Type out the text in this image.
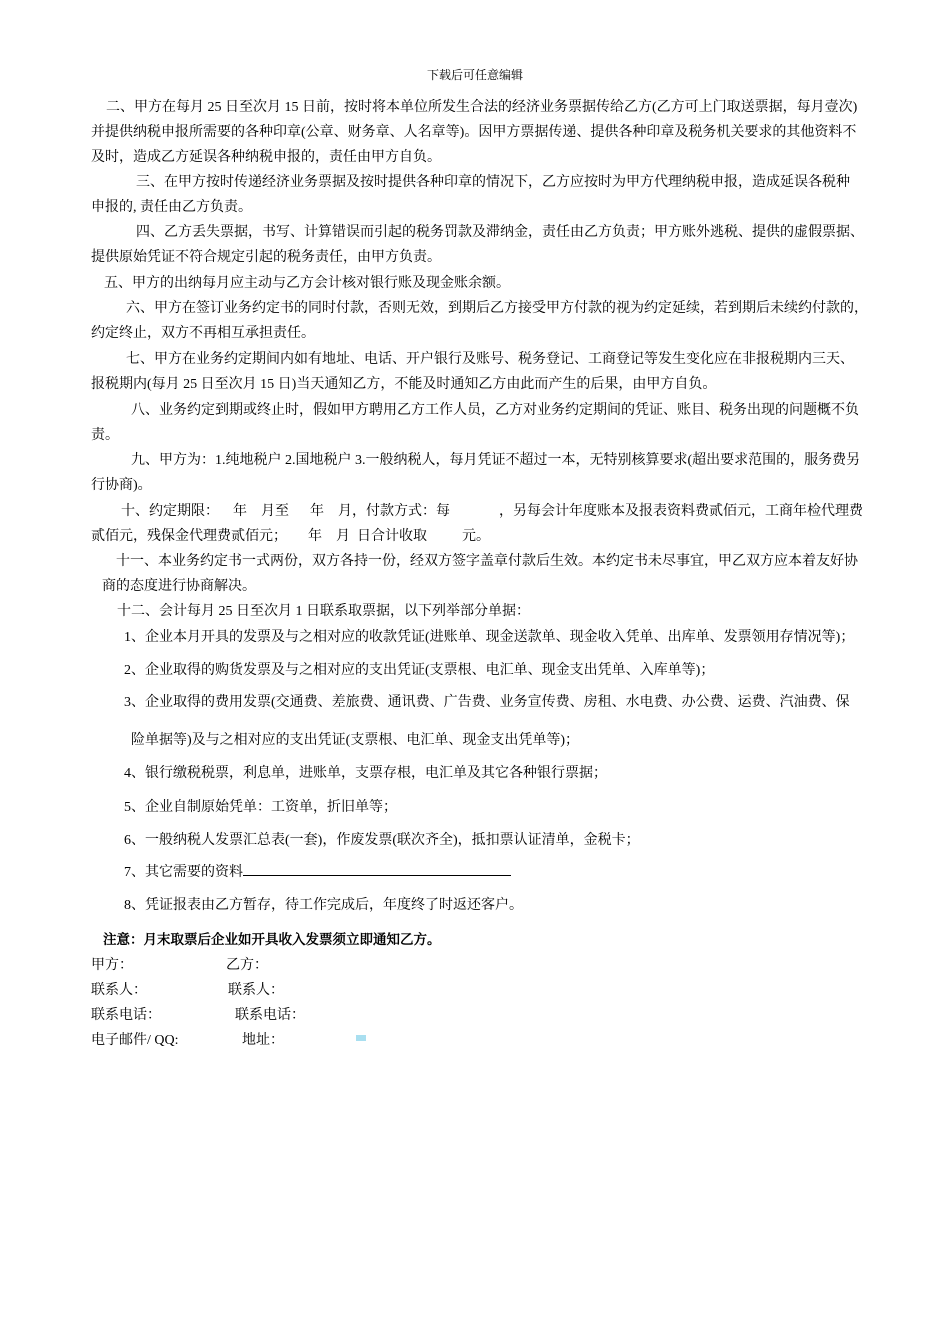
下载后可任意编辑
二、甲方在每月 25 日至次月 15 日前，按时将本单位所发生合法的经济业务票据传给乙方(乙方可上门取送票据，每月壹次)
并提供纳税申报所需要的各种印章(公章、财务章、人名章等)。因甲方票据传递、提供各种印章及税务机关要求的其他资料不
及时，造成乙方延误各种纳税申报的，责任由甲方自负。
三、在甲方按时传递经济业务票据及按时提供各种印章的情况下，乙方应按时为甲方代理纳税申报，造成延误各税种
申报的, 责任由乙方负责。
四、乙方丢失票据，书写、计算错误而引起的税务罚款及滞纳金，责任由乙方负责；甲方账外逃税、提供的虚假票据、
提供原始凭证不符合规定引起的税务责任，由甲方负责。
五、甲方的出纳每月应主动与乙方会计核对银行账及现金账余额。
六、甲方在签订业务约定书的同时付款，否则无效，到期后乙方接受甲方付款的视为约定延续，若到期后未续约付款的，
约定终止，双方不再相互承担责任。
七、甲方在业务约定期间内如有地址、电话、开户银行及账号、税务登记、工商登记等发生变化应在非报税期内三天、
报税期内(每月 25 日至次月 15 日)当天通知乙方，不能及时通知乙方由此而产生的后果，由甲方自负。
八、业务约定到期或终止时，假如甲方聘用乙方工作人员，乙方对业务约定期间的凭证、账目、税务出现的问题概不负
责。
九、甲方为：1.纯地税户 2.国地税户 3.一般纳税人，每月凭证不超过一本，无特别核算要求(超出要求范围的，服务费另
行协商)。
十、约定期限：    年    月至      年    月，付款方式：每              ，另每会计年度账本及报表资料费贰佰元，工商年检代理费
贰佰元，残保金代理费贰佰元；      年    月  日合计收取          元。
十一、本业务约定书一式两份，双方各持一份，经双方签字盖章付款后生效。本约定书未尽事宜，甲乙双方应本着友好协
商的态度进行协商解决。
十二、会计每月 25 日至次月 1 日联系取票据，以下列举部分单据：
1、企业本月开具的发票及与之相对应的收款凭证(进账单、现金送款单、现金收入凭单、出库单、发票领用存情况等)；
2、企业取得的购货发票及与之相对应的支出凭证(支票根、电汇单、现金支出凭单、入库单等)；
3、企业取得的费用发票(交通费、差旅费、通讯费、广告费、业务宣传费、房租、水电费、办公费、运费、汽油费、保
险单据等)及与之相对应的支出凭证(支票根、电汇单、现金支出凭单等)；
4、银行缴税税票，利息单，进账单，支票存根，电汇单及其它各种银行票据；
5、企业自制原始凭单：工资单，折旧单等；
6、一般纳税人发票汇总表(一套)，作废发票(联次齐全)，抵扣票认证清单，金税卡；
7、其它需要的资料
8、凭证报表由乙方暂存，待工作完成后，年度终了时返还客户。
注意：月末取票后企业如开具收入发票须立即通知乙方。
甲方：	乙方：
联系人：	联系人：
联系电话：	联系电话：
电子邮件/ QQ:	地址：
